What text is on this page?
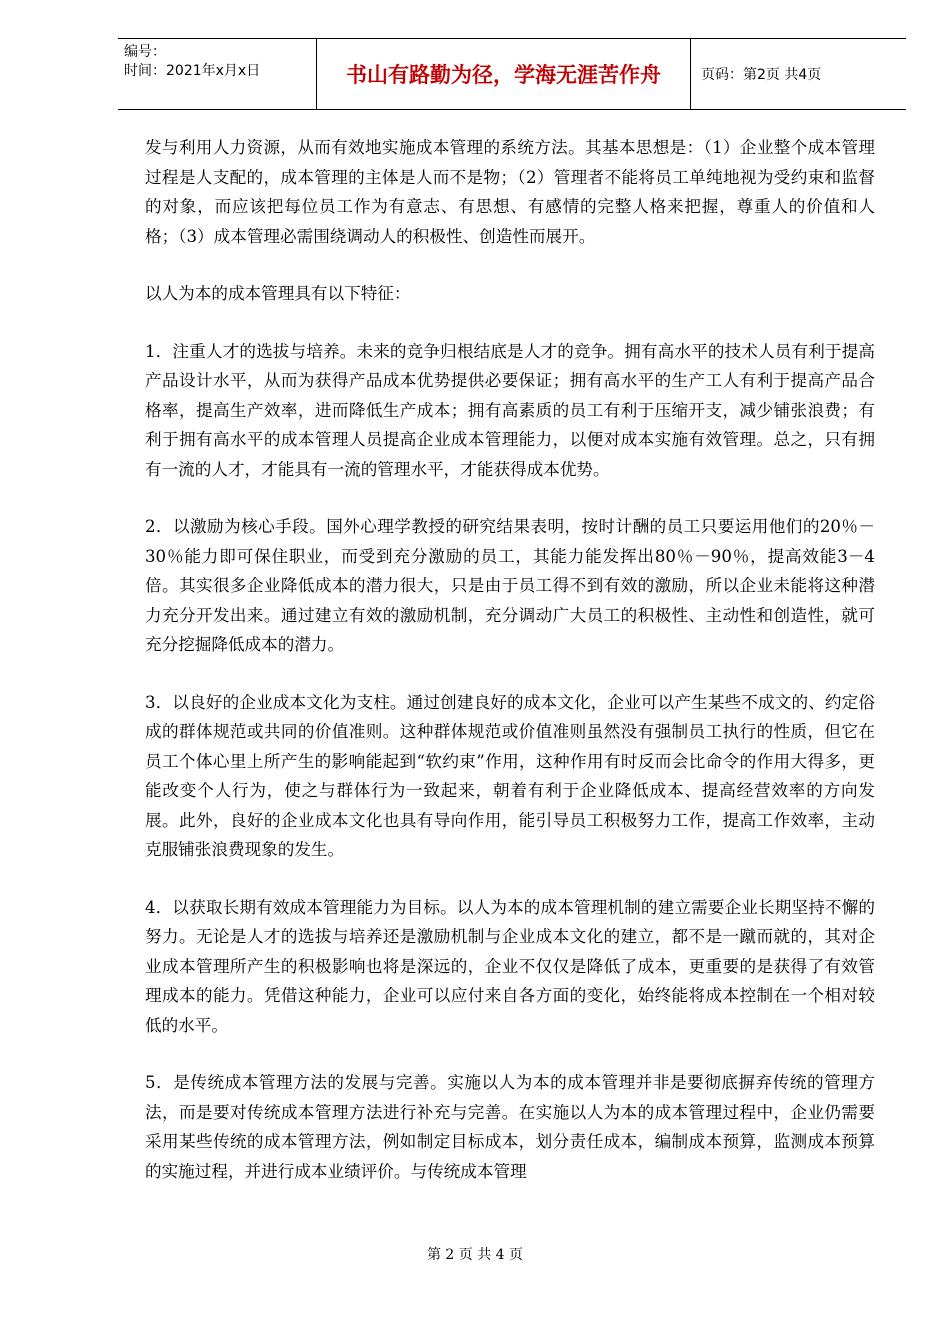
编号：
时间：2021年x月x日	书山有路勤为径，学海无涯苦作舟	页码：第2页 共4页

发与利用人力资源，从而有效地实施成本管理的系统方法。其基本思想是：（1）企业整个成本管理过程是人支配的，成本管理的主体是人而不是物；（2）管理者不能将员工单纯地视为受约束和监督的对象，而应该把每位员工作为有意志、有思想、有感情的完整人格来把握，尊重人的价值和人格；（3）成本管理必需围绕调动人的积极性、创造性而展开。

以人为本的成本管理具有以下特征：

1．注重人才的选拔与培养。未来的竞争归根结底是人才的竞争。拥有高水平的技术人员有利于提高产品设计水平，从而为获得产品成本优势提供必要保证；拥有高水平的生产工人有利于提高产品合格率，提高生产效率，进而降低生产成本；拥有高素质的员工有利于压缩开支，减少铺张浪费；有利于拥有高水平的成本管理人员提高企业成本管理能力，以便对成本实施有效管理。总之，只有拥有一流的人才，才能具有一流的管理水平，才能获得成本优势。

2．以激励为核心手段。国外心理学教授的研究结果表明，按时计酬的员工只要运用他们的20％－30％能力即可保住职业，而受到充分激励的员工，其能力能发挥出80％－90％，提高效能3－4倍。其实很多企业降低成本的潜力很大，只是由于员工得不到有效的激励，所以企业未能将这种潜力充分开发出来。通过建立有效的激励机制，充分调动广大员工的积极性、主动性和创造性，就可充分挖掘降低成本的潜力。

3．以良好的企业成本文化为支柱。通过创建良好的成本文化，企业可以产生某些不成文的、约定俗成的群体规范或共同的价值准则。这种群体规范或价值准则虽然没有强制员工执行的性质，但它在员工个体心里上所产生的影响能起到“软约束”作用，这种作用有时反而会比命令的作用大得多，更能改变个人行为，使之与群体行为一致起来，朝着有利于企业降低成本、提高经营效率的方向发展。此外，良好的企业成本文化也具有导向作用，能引导员工积极努力工作，提高工作效率，主动克服铺张浪费现象的发生。

4．以获取长期有效成本管理能力为目标。以人为本的成本管理机制的建立需要企业长期坚持不懈的努力。无论是人才的选拔与培养还是激励机制与企业成本文化的建立，都不是一蹴而就的，其对企业成本管理所产生的积极影响也将是深远的，企业不仅仅是降低了成本，更重要的是获得了有效管理成本的能力。凭借这种能力，企业可以应付来自各方面的变化，始终能将成本控制在一个相对较低的水平。

5．是传统成本管理方法的发展与完善。实施以人为本的成本管理并非是要彻底摒弃传统的管理方法，而是要对传统成本管理方法进行补充与完善。在实施以人为本的成本管理过程中，企业仍需要采用某些传统的成本管理方法，例如制定目标成本，划分责任成本，编制成本预算，监测成本预算的实施过程，并进行成本业绩评价。与传统成本管理

第 2 页 共 4 页
